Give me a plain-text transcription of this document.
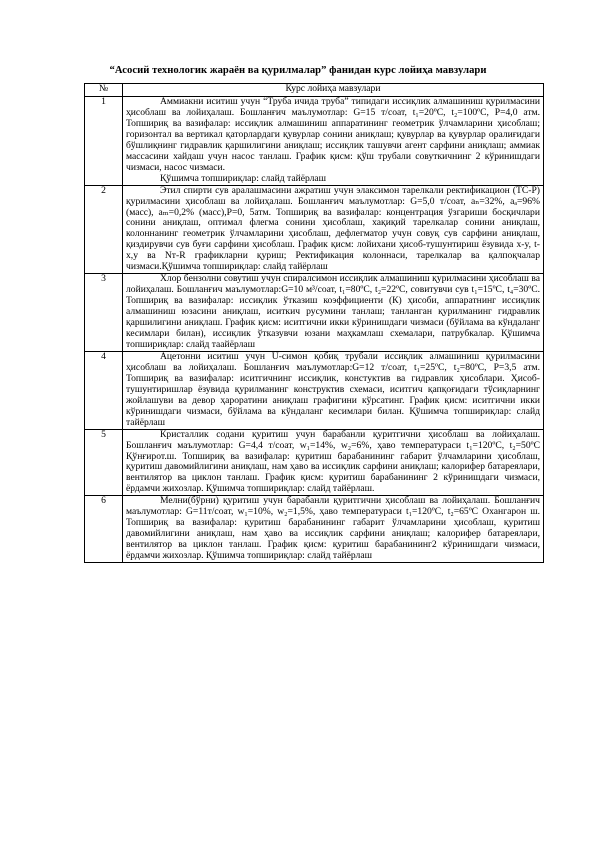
“Асосий технологик жараён ва қурилмалар” фанидан курс лойиҳа мавзулари
№	Курс лойиҳа мавзулари
1	Аммиакни иситиш учун “Труба ичида труба” типидаги иссиқлик алмашиниш қурилмасини ҳисоблаш ва лойиҳалаш. Бошланғич маълумотлар: G=15 т/соат, t₁=20ºC, t₂=100ºC, P=4,0 атм. Топшириқ ва вазифалар: иссиқлик алмашиниш аппаратининг геометрик ўлчамларини ҳисоблаш; горизонтал ва вертикал қаторлардаги қувурлар сонини аниқлаш; қувурлар ва қувурлар оралиғидаги бўшлиқнинг гидравлик қаршилигини аниқлаш; иссиқлик ташувчи агент сарфини аниқлаш; аммиак массасини хайдаш учун насос танлаш. График қисм: қўш трубали совуткичнинг 2 кўринишдаги чизмаси, насос чизмаси.

Қўшимча топшириқлар: слайд тайёрлаш

2	Этил спирти сув аралашмасини ажратиш учун элаксимон тарелкали ректификацион (ТС-Р) қурилмасини ҳисоблаш ва лойиҳалаш. Бошланғич маълумотлар: G=5,0 т/соат, aₙ=32%, aₐ=96%(масс), aₘ=0,2% (масс),P=0, 5атм. Топшириқ ва вазифалар: концентрация ўзгариши босқичлари сонини аниқлаш, оптимал флегма сонини ҳисоблаш, хақиқий тарелкалар сонини аниқлаш, колоннанинг геометрик ўлчамларини ҳисоблаш, дефлегматор учун совуқ сув сарфини аниқлаш, қиздирувчи сув буғи сарфини ҳисоблаш. График қисм: лойихани ҳисоб-тушунтириш ёзувида x-y, t-x,y ва Nт-R графикларни қуриш; Ректификация колоннаси, тарелкалар ва қалпоқчалар чизмаси.Қўшимча топшириқлар: слайд тайёрлаш

3	Хлор бензолни совутиш учун спиралсимон иссиқлик алмашиниш қурилмасини ҳисоблаш ва лойиҳалаш. Бошланғич маълумотлар:G=10 м³/соат, t₁=80ºC, t₂=22ºC, совитувчи сув t₁=15ºC, t₄=30ºC. Топшириқ ва вазифалар: иссиқлик ўтказиш коэффициенти (К) ҳисоби, аппаратнинг иссиқлик алмашиниш юзасини аниқлаш, иситкич русумини танлаш; танланган қурилманинг гидравлик қаршилигини аниқлаш. График қисм: иситгични икки кўринишдаги чизмаси (бўйлама ва кўндаланг кесимлари билан), иссиқлик ўтказувчи юзани маҳкамлаш схемалари, патрубкалар. Қўшимча топшириқлар: слайд таайёрлаш

4	Ацетонни иситиш учун U-симон қобиқ трубали иссиқлик алмашиниш қурилмасини ҳисоблаш ва лойиҳалаш. Бошланғич маълумотлар:G=12 т/соат, t₁=25ºC, t₂=80ºC, P=3,5 атм. Топшириқ ва вазифалар: иситгичнинг иссиқлик, констуктив ва гидравлик ҳисоблари. Ҳисоб-тушунтиришлар ёзувида қурилманинг конструктив схемаси, иситгич қапқоғидаги тўсиқларнинг жойлашуви ва девор ҳароратини аниқлаш графигини кўрсатинг. График қисм: иситгични икки кўринишдаги чизмаси, бўйлама ва кўндаланг кесимлари билан. Қўшимча топшириқлар: слайд тайёрлаш

5	Кристаллик содани қуритиш учун барабанли қуритгични ҳисоблаш ва лойиҳалаш. Бошланғич маълумотлар: G=4,4 т/соат, w₁=14%, w₂=6%, ҳаво температураси t₁=120ºC, t₂=50ºC Қўнғирот.ш. Топшириқ ва вазифалар: қуритиш барабанининг габарит ўлчамларини ҳисоблаш, қуритиш давомийлигини аниқлаш, нам ҳаво ва иссиқлик сарфини аниқлаш; калорифер батареялари, вентилятор ва циклон танлаш. График қисм: қуритиш барабанининг 2 кўринишдаги чизмаси, ёрдамчи жихозлар. Қўшимча топшириқлар: слайд тайёрлаш.

6	Мелни(бўрни) қуритиш учун барабанли қуритгични ҳисоблаш ва лойиҳалаш. Бошланғич маълумотлар: G=11т/соат, w₁=10%, w₂=1,5%, ҳаво температураси t₁=120ºC, t₂=65ºC Охангарон ш. Топшириқ ва вазифалар: қуритиш барабанининг габарит ўлчамларини ҳисоблаш, қуритиш давомийлигини аниқлаш, нам ҳаво ва иссиқлик сарфини аниқлаш; калорифер батареялари, вентилятор ва циклон танлаш. График қисм: қуритиш барабанининг2 кўринишдаги чизмаси, ёрдамчи жихозлар. Қўшимча топшириқлар: слайд тайёрлаш
